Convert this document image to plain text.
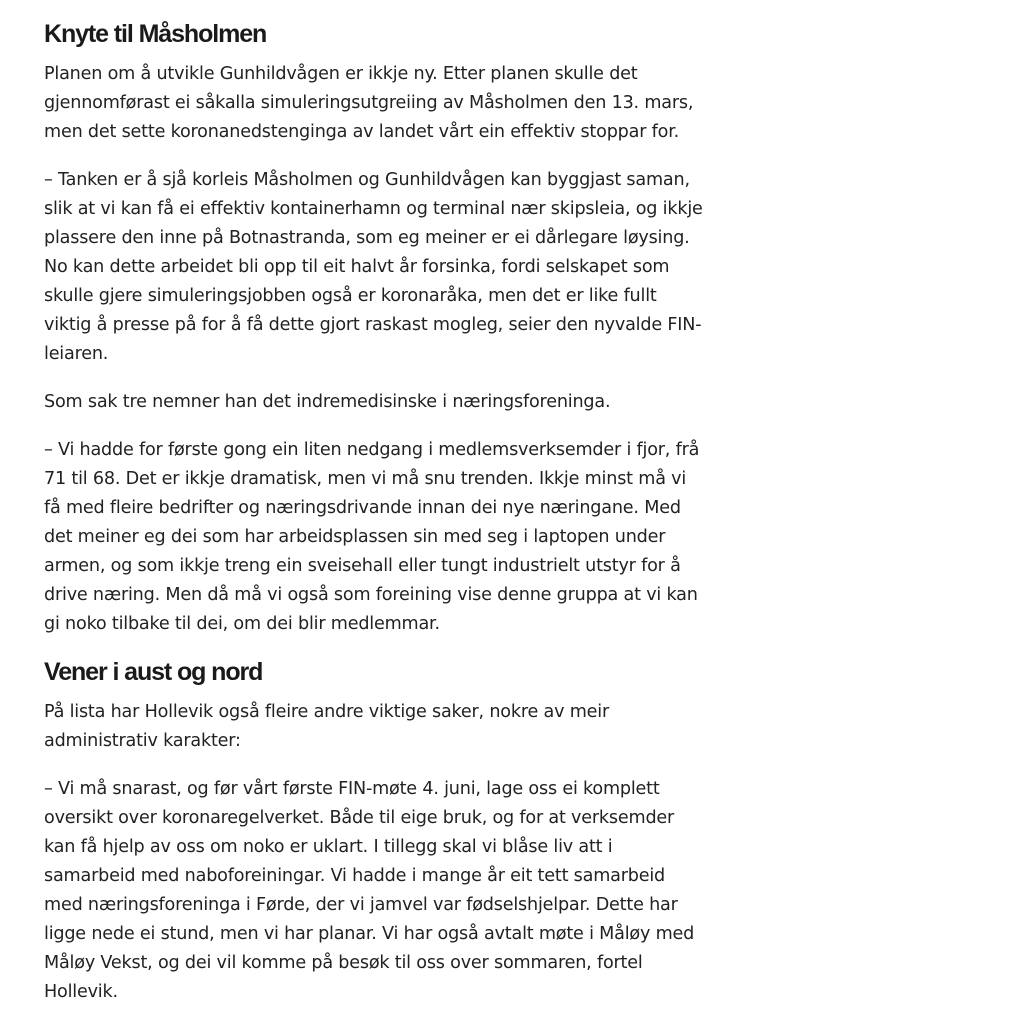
Knyte til Måsholmen

Planen om å utvikle Gunhildvågen er ikkje ny. Etter planen skulle det gjennomførast ei såkalla simuleringsutgreiing av Måsholmen den 13. mars, men det sette koronanedstenginga av landet vårt ein effektiv stoppar for.

– Tanken er å sjå korleis Måsholmen og Gunhildvågen kan byggjast saman, slik at vi kan få ei effektiv kontainerhamn og terminal nær skipsleia, og ikkje plassere den inne på Botnastranda, som eg meiner er ei dårlegare løysing. No kan dette arbeidet bli opp til eit halvt år forsinka, fordi selskapet som skulle gjere simuleringsjobben også er koronaråka, men det er like fullt viktig å presse på for å få dette gjort raskast mogleg, seier den nyvalde FIN-leiaren.

Som sak tre nemner han det indremedisinske i næringsforeninga.

– Vi hadde for første gong ein liten nedgang i medlemsverksemder i fjor, frå 71 til 68. Det er ikkje dramatisk, men vi må snu trenden. Ikkje minst må vi få med fleire bedrifter og næringsdrivande innan dei nye næringane. Med det meiner eg dei som har arbeidsplassen sin med seg i laptopen under armen, og som ikkje treng ein sveisehall eller tungt industrielt utstyr for å drive næring. Men då må vi også som foreining vise denne gruppa at vi kan gi noko tilbake til dei, om dei blir medlemmar.

Vener i aust og nord

På lista har Hollevik også fleire andre viktige saker, nokre av meir administrativ karakter:

– Vi må snarast, og før vårt første FIN-møte 4. juni, lage oss ei komplett oversikt over koronaregelverket. Både til eige bruk, og for at verksemder kan få hjelp av oss om noko er uklart. I tillegg skal vi blåse liv att i samarbeid med naboforeiningar. Vi hadde i mange år eit tett samarbeid med næringsforeninga i Førde, der vi jamvel var fødselshjelpar. Dette har ligge nede ei stund, men vi har planar. Vi har også avtalt møte i Måløy med Måløy Vekst, og dei vil komme på besøk til oss over sommaren, fortel Hollevik.
